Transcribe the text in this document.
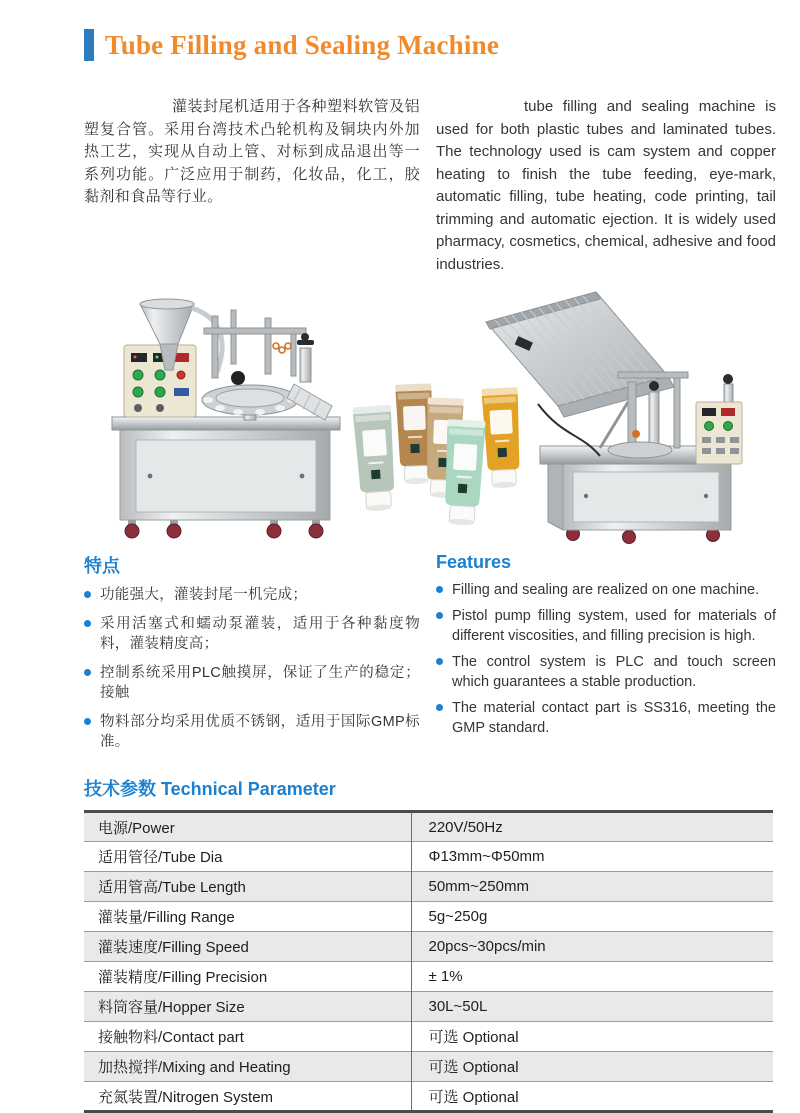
Tube Filling and Sealing Machine

灌装封尾机适用于各种塑料软管及铝塑复合管。采用台湾技术凸轮机构及铜块内外加热工艺，实现从自动上管、对标到成品退出等一系列功能。广泛应用于制药，化妆品，化工，胶黏剂和食品等行业。

tube filling and sealing machine is used for both plastic tubes and laminated tubes. The technology used is cam system and copper heating to finish the tube feeding, eye-mark, automatic filling, tube heating, code printing, tail trimming and automatic ejection. It is widely used pharmacy, cosmetics, chemical, adhesive and food industries.

特点
功能强大，灌装封尾一机完成；
采用活塞式和蠕动泵灌装，适用于各种黏度物料，灌装精度高；
控制系统采用PLC触摸屏，保证了生产的稳定；接触
物料部分均采用优质不锈钢，适用于国际GMP标准。
Features
Filling and sealing are realized on one machine.
Pistol pump filling system, used for materials of different viscosities, and filling precision is high.
The control system is PLC and touch screen which guarantees a stable production.
The material contact part is SS316, meeting the GMP standard.
技术参数 Technical Parameter
电源/Power	220V/50Hz
适用管径/Tube Dia	Φ13mm~Φ50mm
适用管高/Tube Length	50mm~250mm
灌装量/Filling Range	5g~250g
灌装速度/Filling Speed	20pcs~30pcs/min
灌装精度/Filling Precision	± 1%
料筒容量/Hopper Size	30L~50L
接触物料/Contact part	可选 Optional
加热搅拌/Mixing and Heating	可选 Optional
充氮装置/Nitrogen System	可选 Optional
